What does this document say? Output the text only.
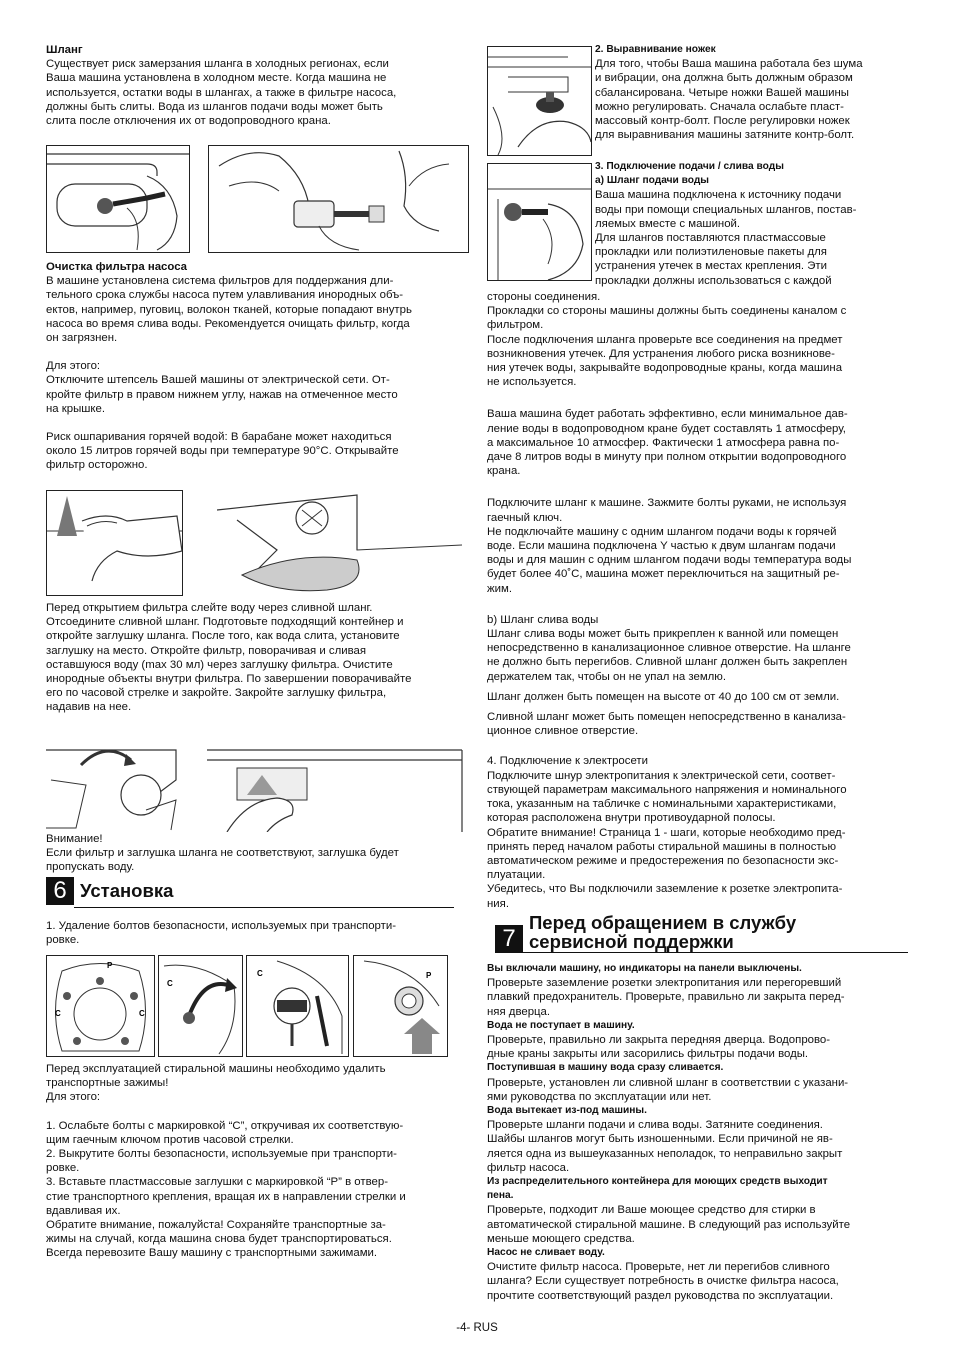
Шланг

Существует риск замерзания шланга в холодных регионах, если

Ваша машина установлена в холодном месте. Когда машина не

используется, остатки воды в шлангах, а также в фильтре насоса,

должны быть слиты. Вода из шлангов подачи воды может быть

слита после отключения их от водопроводного крана.

Очистка фильтра насоса

В машине установлена система фильтров для поддержания дли-

тельного срока службы насоса путем улавливания инородных объ-

ектов, например, пуговиц, волокон тканей, которые попадают внутрь

насоса во время слива воды. Рекомендуется очищать фильтр, когда

он загрязнен.

Для этого:

Отключите штепсель Вашей машины от электрической сети. От-

кройте фильтр в правом нижнем углу, нажав на отмеченное место

на крышке.

Риск ошпаривания горячей водой: В барабане может находиться

около 15 литров горячей воды при температуре 90°С. Открывайте

фильтр осторожно.

Перед открытием фильтра слейте воду через сливной шланг.

Отсоедините сливной шланг. Подготовьте подходящий контейнер и

откройте заглушку шланга. После того, как вода слита, установите

заглушку на место. Откройте фильтр, поворачивая и сливая

оставшуюся воду (max 30 мл) через заглушку фильтра. Очистите

инородные объекты внутри фильтра. По завершении поворачивайте

его по часовой стрелке и закройте. Закройте заглушку фильтра,

надавив на нее.

Внимание!

Если фильтр и заглушка шланга не соответствуют, заглушка будет

пропускать воду.

6 Установка

1. Удаление болтов безопасности, используемых при транспорти-

ровке.

P
C	C
C
C	P

Перед эксплуатацией стиральной машины необходимо удалить

транспортные зажимы!

Для этого:

1. Ослабьте болты с маркировкой “С”, откручивая их соответствую-

щим гаечным ключом против часовой стрелки.

2. Выкрутите болты безопасности, используемые при транспорти-

ровке.

3. Вставьте пластмассовые заглушки с маркировкой “Р” в отвер-

стие транспортного крепления, вращая их в направлении стрелки и

вдавливая их.

Обратите внимание, пожалуйста! Сохраняйте транспортные за-

жимы на случай, когда машина снова будет транспортироваться.

Всегда перевозите Вашу машину с транспортными зажимами.

2. Выравнивание ножек

Для того, чтобы Ваша машина работала без шума

и вибрации, она должна быть должным образом

сбалансирована. Четыре ножки Вашей машины

можно регулировать. Сначала ослабьте пласт-

массовый контр-болт. После регулировки ножек

для выравнивания машины затяните контр-болт.

3. Подключение подачи / слива воды

а) Шланг подачи воды

Ваша машина подключена к источнику подачи

воды при помощи специальных шлангов, постав-

ляемых вместе с машиной.

Для шлангов поставляются пластмассовые

прокладки или полиэтиленовые пакеты для

устранения утечек в местах крепления. Эти

прокладки должны использоваться с каждой

стороны соединения.

Прокладки со стороны машины должны быть соединены каналом с

фильтром.

После подключения шланга проверьте все соединения на предмет

возникновения утечек. Для устранения любого риска возникнове-

ния утечек воды, закрывайте водопроводные краны, когда машина

не используется.

Ваша машина будет работать эффективно, если минимальное дав-

ление воды в водопроводном кране будет составлять 1 атмосферу,

а максимальное 10 атмосфер. Фактически 1 атмосфера равна по-

даче 8 литров воды в минуту при полном открытии водопроводного

крана.

Подключите шланг к машине. Зажмите болты руками, не используя

гаечный ключ.

Не подключайте машину с одним шлангом подачи воды к горячей

воде. Если машина подключена Y частью к двум шлангам подачи

воды и для машин с одним шлангом подачи воды температура воды

будет более 40˚С, машина может переключиться на защитный ре-

жим.

b) Шланг слива воды

Шланг слива воды может быть прикреплен к ванной или помещен

непосредственно в канализационное сливное отверстие. На шланге

не должно быть перегибов. Сливной шланг должен быть закреплен

держателем так, чтобы он не упал на землю.

Шланг должен быть помещен на высоте от 40 до 100 см от земли.

Сливной шланг может быть помещен непосредственно в канализа-

ционное сливное отверстие.

4. Подключение к электросети

Подключите шнур электропитания к электрической сети, соответ-

ствующей параметрам максимального напряжения и номинального

тока, указанным на табличке с номинальными характеристиками,

которая расположена внутри противоударной полосы.

Обратите внимание! Страница 1 - шаги, которые необходимо пред-

принять перед началом работы стиральной машины в полностью

автоматическом режиме и предостережения по безопасности экс-

плуатации.

Убедитесь, что Вы подключили заземление к розетке электропита-

ния.

7
Перед обращением в службу
сервисной поддержки

Вы включали машину, но индикаторы на панели выключены.

Проверьте заземление розетки электропитания или перегоревший

плавкий предохранитель. Проверьте, правильно ли закрыта перед-

няя дверца.

Вода не поступает в машину.

Проверьте, правильно ли закрыта передняя дверца. Водопрово-

дные краны закрыты или засорились фильтры подачи воды.

Поступившая в машину вода сразу сливается.

Проверьте, установлен ли сливной шланг в соответствии с указани-

ями руководства по эксплуатации или нет.

Вода вытекает из-под машины.

Проверьте шланги подачи и слива воды. Затяните соединения.

Шайбы шлангов могут быть изношенными. Если причиной не яв-

ляется одна из вышеуказанных неполадок, то неправильно закрыт

фильтр насоса.

Из распределительного контейнера для моющих средств выходит

пена.

Проверьте, подходит ли Ваше моющее средство для стирки в

автоматической стиральной машине. В следующий раз используйте

меньше моющего средства.

Насос не сливает воду.

Очистите фильтр насоса. Проверьте, нет ли перегибов сливного

шланга? Если существует потребность в очистке фильтра насоса,

прочтите соответствующий раздел руководства по эксплуатации.

-4- RUS
